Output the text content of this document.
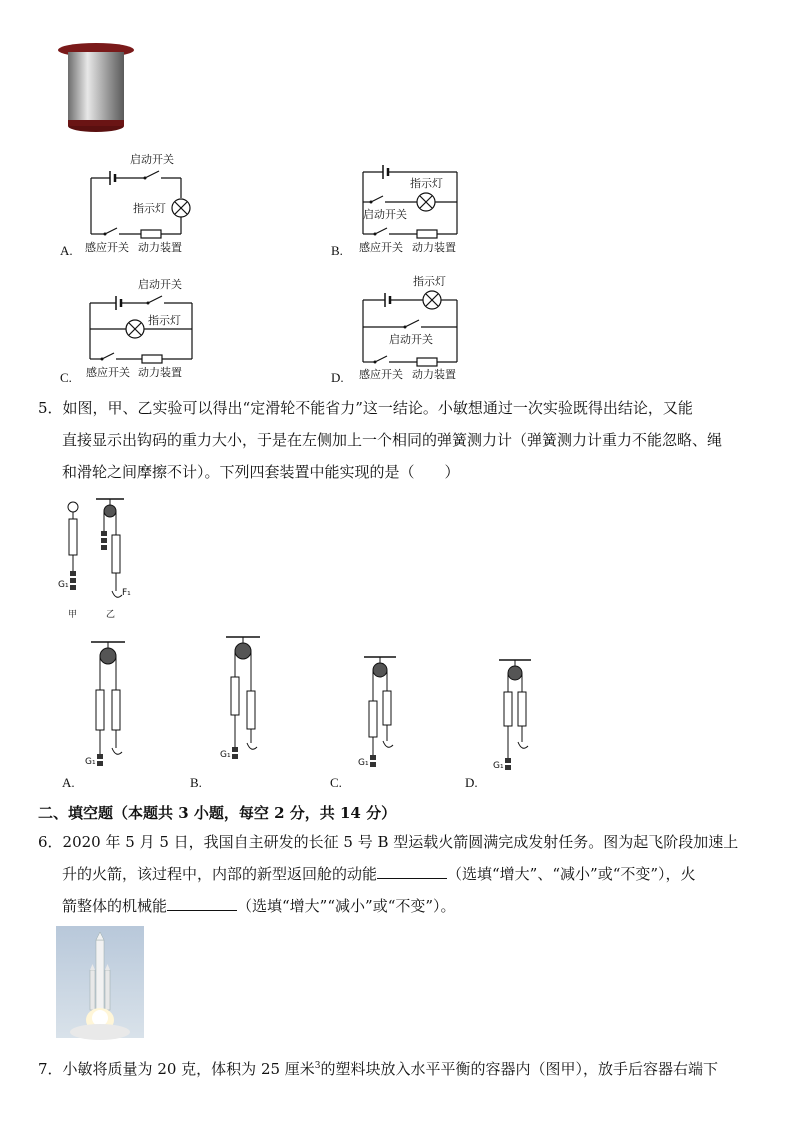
启动开关
指示灯
感应开关 动力装置
A.
指示灯
启动开关
感应开关 动力装置
B.
启动开关
指示灯
感应开关 动力装置
C.
指示灯
启动开关
感应开关 动力装置
D.
5．如图，甲、乙实验可以得出“定滑轮不能省力”这一结论。小敏想通过一次实验既得出结论，又能
直接显示出钩码的重力大小，于是在左侧加上一个相同的弹簧测力计（弹簧测力计重力不能忽略、绳
和滑轮之间摩擦不计）。下列四套装置中能实现的是（　　）
G₁
甲
F₁
乙
G₁
A.
G₁
B.
G₁
C.
G₁
D.
二、填空题（本题共 3 小题，每空 2 分，共 14 分）
6．2020 年 5 月 5 日，我国自主研发的长征 5 号 B 型运载火箭圆满完成发射任务。图为起飞阶段加速上
升的火箭，该过程中，内部的新型返回舱的动能	（选填“增大”、“减小”或“不变”），火
箭整体的机械能	（选填“增大”“减小”或“不变”）。
7．小敏将质量为 20 克，体积为 25 厘米$^3$的塑料块放入水平平衡的容器内（图甲），放手后容器右端下
